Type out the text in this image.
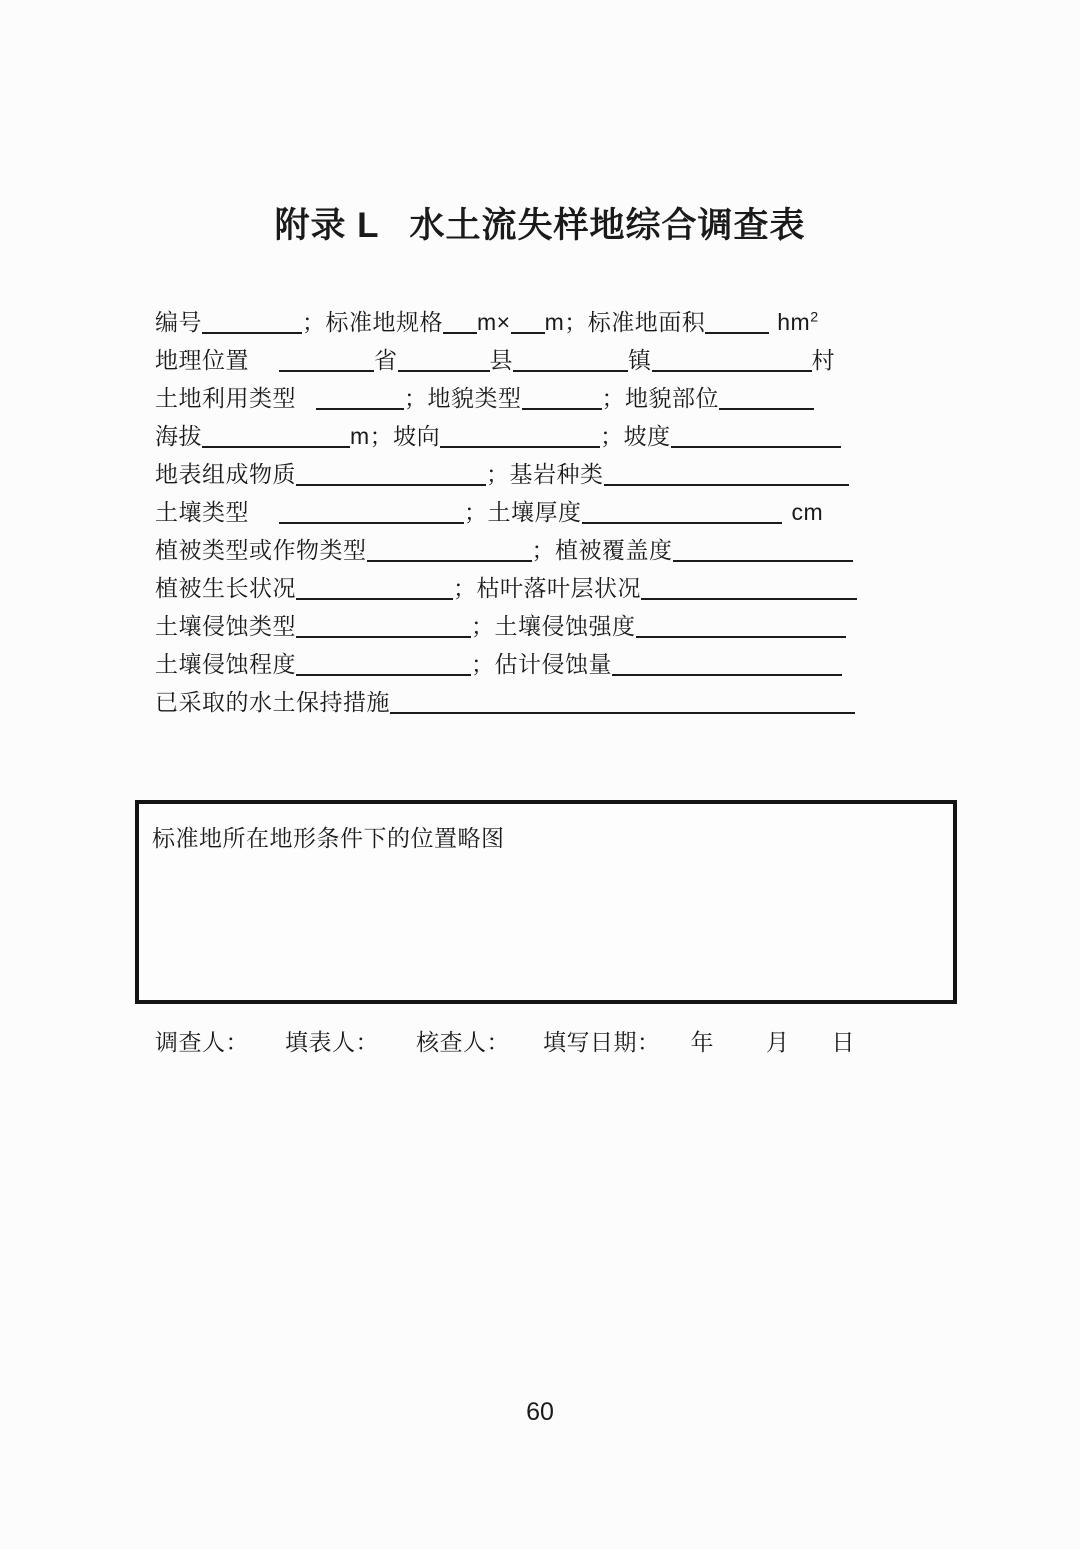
附录 L 水土流失样地综合调查表
编号	；标准地规格 m× m；标准地面积	$hm^2$
地理位置	省	县	镇	村
土地利用类型	；地貌类型	；地貌部位
海拔	m；坡向	；坡度
地表组成物质	；基岩种类
土壤类型	；土壤厚度	cm
植被类型或作物类型	；植被覆盖度
植被生长状况	；枯叶落叶层状况
土壤侵蚀类型	；土壤侵蚀强度
土壤侵蚀程度	；估计侵蚀量
已采取的水土保持措施
标准地所在地形条件下的位置略图
调查人： 填表人： 核查人： 填写日期： 年 月 日
60
